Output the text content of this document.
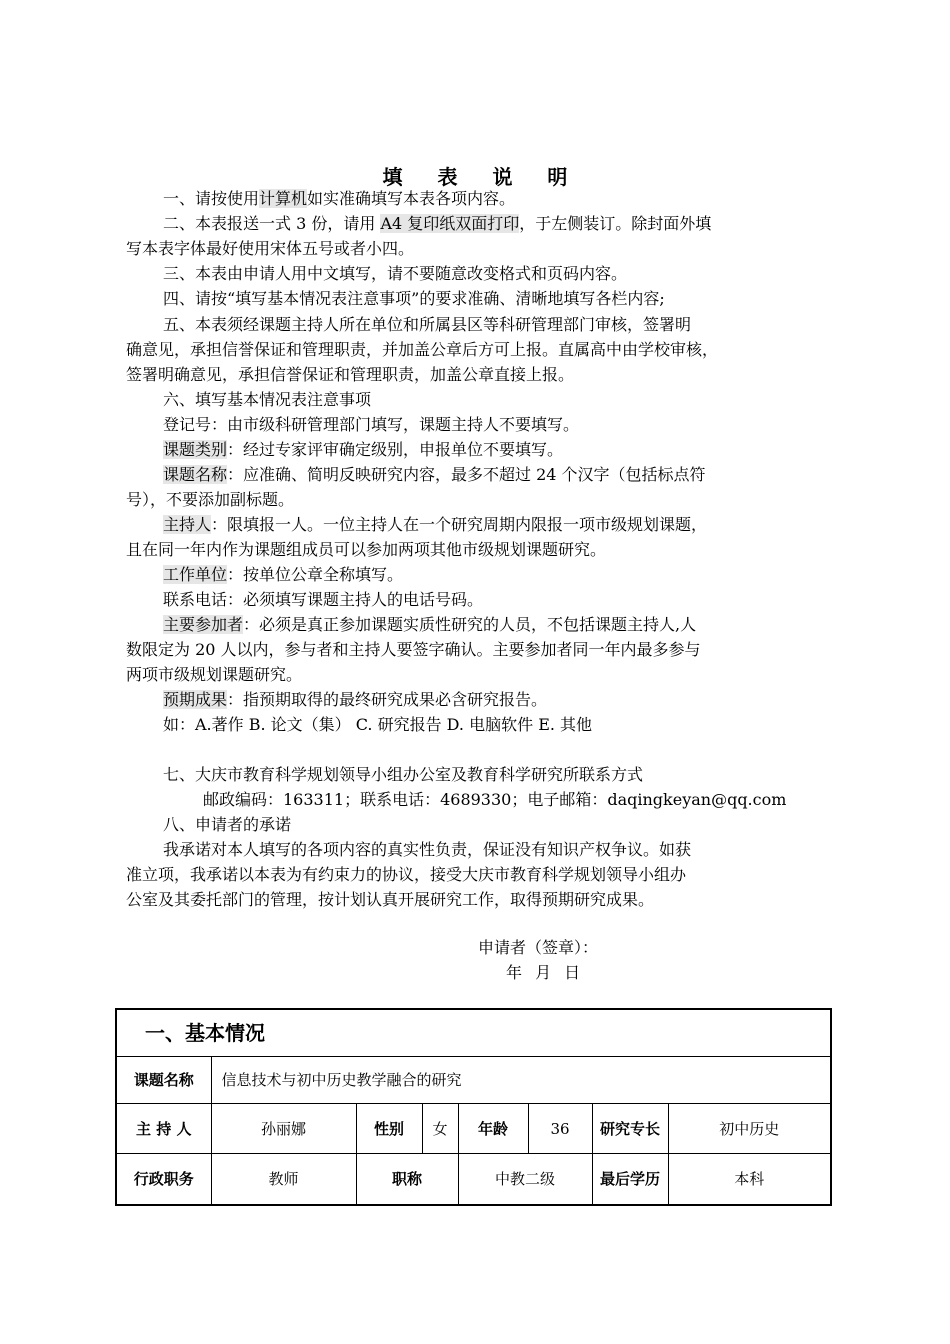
填 表 说 明
一、请按使用计算机如实准确填写本表各项内容。
二、本表报送一式 3 份，请用 A4 复印纸双面打印，于左侧装订。除封面外填
写本表字体最好使用宋体五号或者小四。
三、本表由申请人用中文填写，请不要随意改变格式和页码内容。
四、请按“填写基本情况表注意事项”的要求准确、清晰地填写各栏内容;
五、本表须经课题主持人所在单位和所属县区等科研管理部门审核，签署明
确意见，承担信誉保证和管理职责，并加盖公章后方可上报。直属高中由学校审核，
签署明确意见，承担信誉保证和管理职责，加盖公章直接上报。
六、填写基本情况表注意事项
登记号：由市级科研管理部门填写，课题主持人不要填写。
课题类别：经过专家评审确定级别，申报单位不要填写。
课题名称：应准确、简明反映研究内容，最多不超过 24 个汉字（包括标点符
号），不要添加副标题。
主持人：限填报一人。一位主持人在一个研究周期内限报一项市级规划课题，
且在同一年内作为课题组成员可以参加两项其他市级规划课题研究。
工作单位：按单位公章全称填写。
联系电话：必须填写课题主持人的电话号码。
主要参加者：必须是真正参加课题实质性研究的人员，不包括课题主持人,人
数限定为 20 人以内，参与者和主持人要签字确认。主要参加者同一年内最多参与
两项市级规划课题研究。
预期成果：指预期取得的最终研究成果必含研究报告。
如：A.著作 B. 论文（集） C. 研究报告 D. 电脑软件 E. 其他
七、大庆市教育科学规划领导小组办公室及教育科学研究所联系方式
邮政编码：163311；联系电话：4689330；电子邮箱：daqingkeyan@qq.com
八、申请者的承诺
我承诺对本人填写的各项内容的真实性负责，保证没有知识产权争议。如获
准立项，我承诺以本表为有约束力的协议，接受大庆市教育科学规划领导小组办
公室及其委托部门的管理，按计划认真开展研究工作，取得预期研究成果。
申请者（签章）：
年 月 日
一、基本情况							
课题名称	信息技术与初中历史教学融合的研究						
主 持 人	孙丽娜	性别	女	年龄	36	研究专长	初中历史
行政职务	教师	职称		中教二级		最后学历	本科
